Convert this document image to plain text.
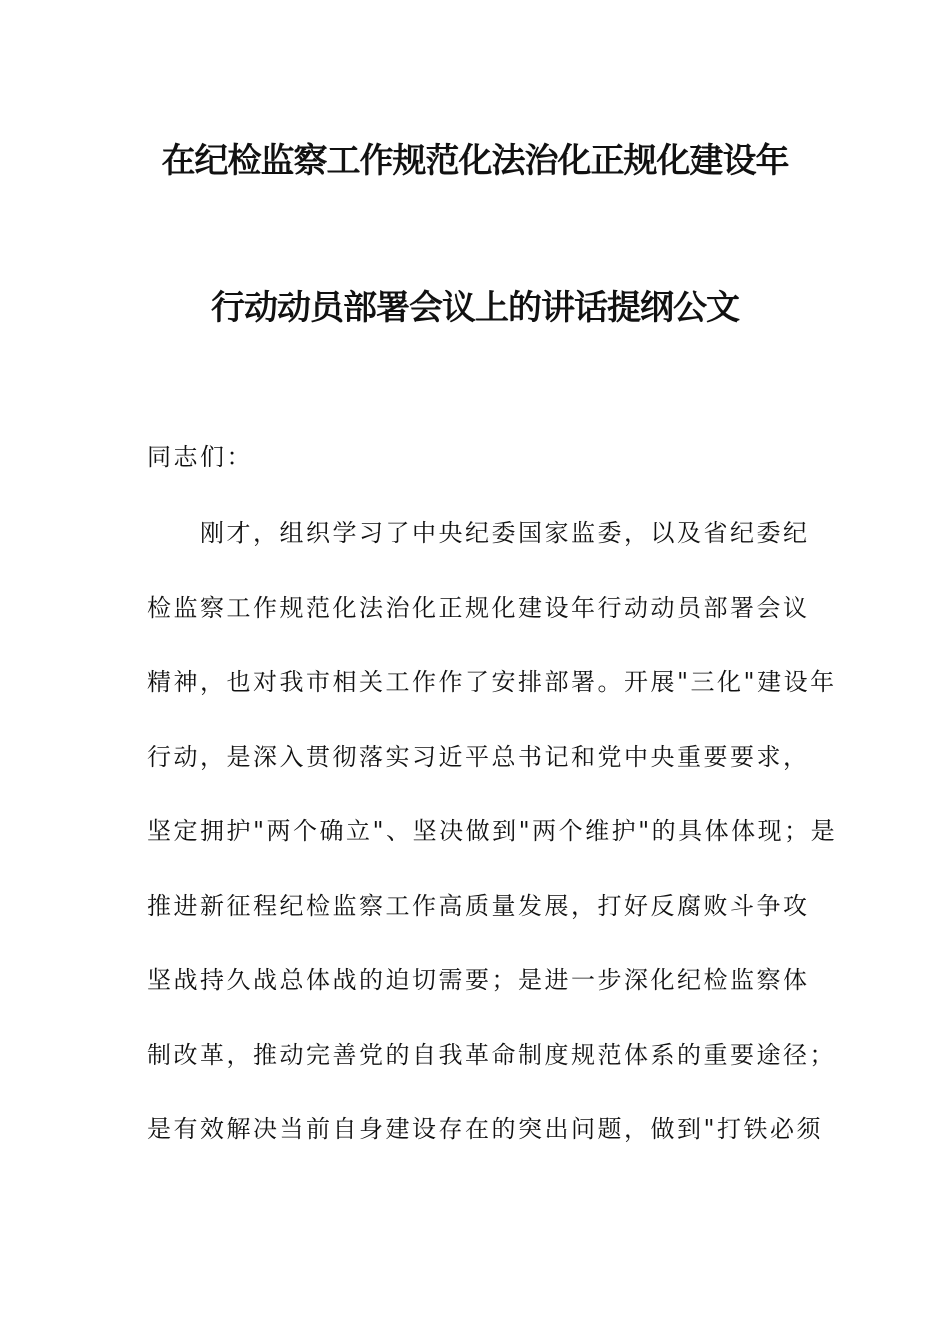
在纪检监察工作规范化法治化正规化建设年
行动动员部署会议上的讲话提纲公文
同志们：
　　刚才，组织学习了中央纪委国家监委，以及省纪委纪
检监察工作规范化法治化正规化建设年行动动员部署会议
精神，也对我市相关工作作了安排部署。开展"三化"建设年
行动，是深入贯彻落实习近平总书记和党中央重要要求，
坚定拥护"两个确立"、坚决做到"两个维护"的具体体现；是
推进新征程纪检监察工作高质量发展，打好反腐败斗争攻
坚战持久战总体战的迫切需要；是进一步深化纪检监察体
制改革，推动完善党的自我革命制度规范体系的重要途径；
是有效解决当前自身建设存在的突出问题，做到"打铁必须
